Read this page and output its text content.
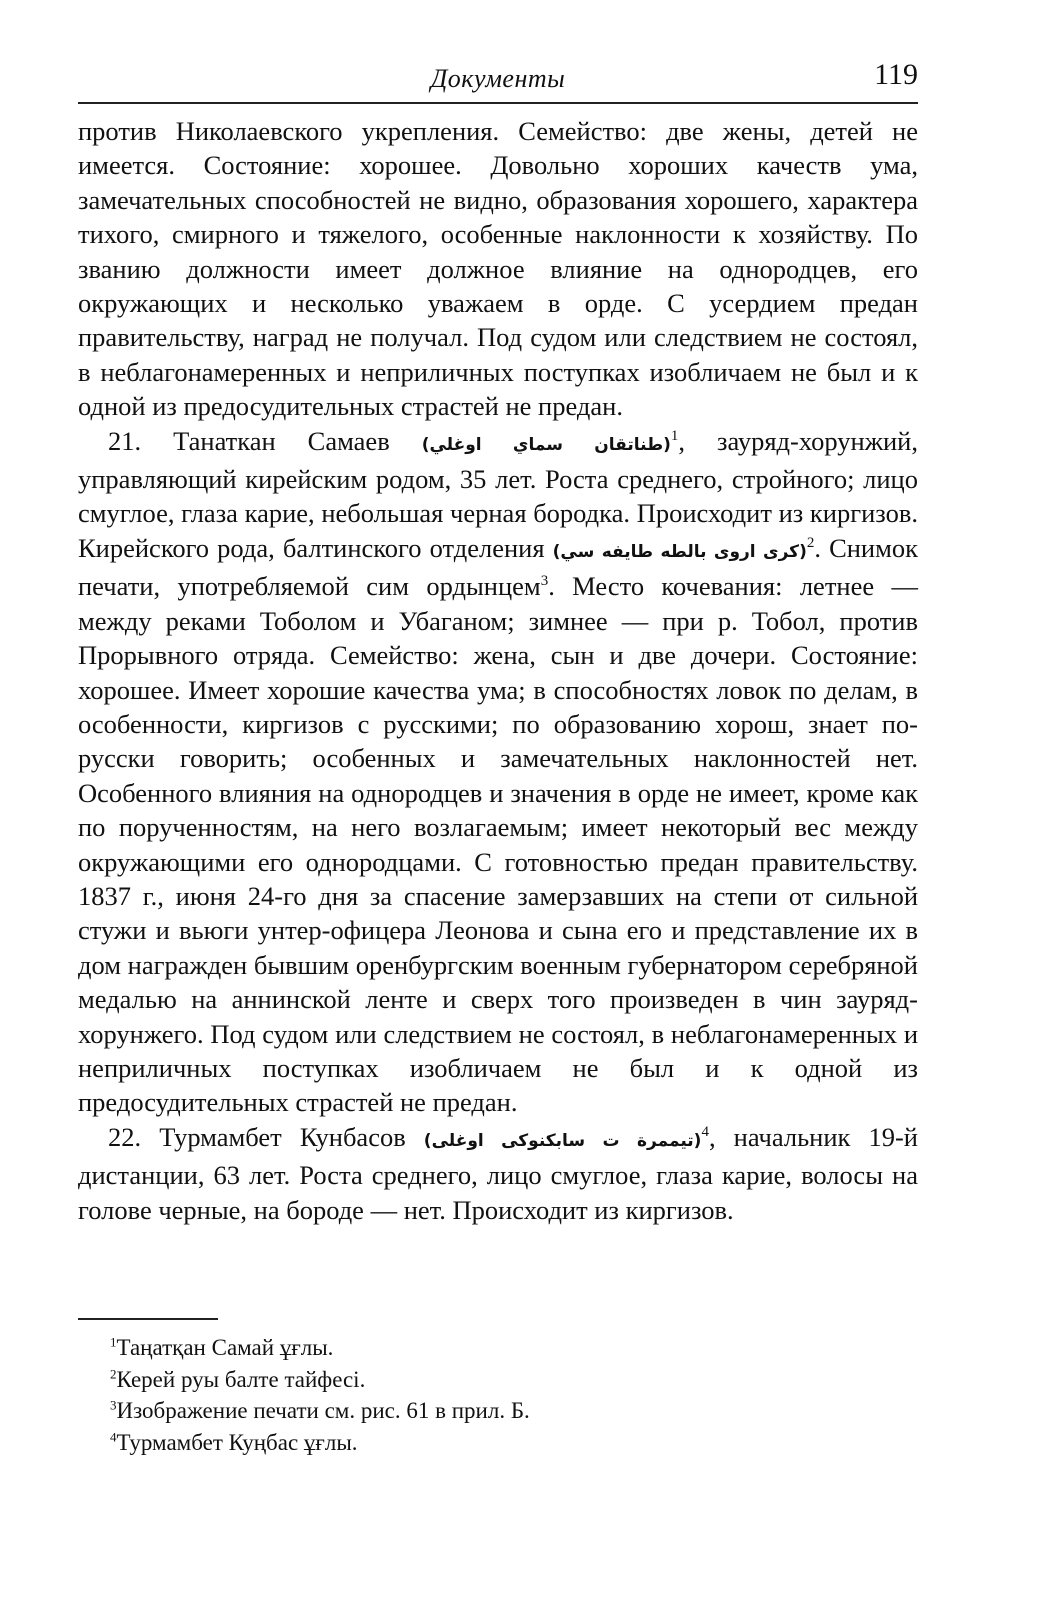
Документы	119

против Николаевского укрепления. Семейство: две жены, детей не имеется. Состояние: хорошее. Довольно хороших качеств ума, замечательных способностей не видно, образования хорошего, характера тихого, смирного и тяжелого, особенные наклонности к хозяйству. По званию должности имеет должное влияние на однородцев, его окружающих и несколько уважаем в орде. С усердием предан правительству, наград не получал. Под судом или следствием не состоял, в неблагонамеренных и неприличных поступках изобличаем не был и к одной из предосудительных страстей не предан.

21. Танаткан Самаев (طناتقان سماي اوغلي)$^1$, зауряд-хорунжий, управляющий кирейским родом, 35 лет. Роста среднего, стройного; лицо смуглое, глаза карие, небольшая черная бородка. Происходит из киргизов. Кирейского рода, балтинского отделения (كرى اروى بالطه طايفه سي)$^2$. Снимок печати, употребляемой сим ордынцем$^3$. Место кочевания: летнее — между реками Тоболом и Убаганом; зимнее — при р. Тобол, против Прорывного отряда. Семейство: жена, сын и две дочери. Состояние: хорошее. Имеет хорошие качества ума; в способностях ловок по делам, в особенности, киргизов с русскими; по образованию хорош, знает по-русски говорить; особенных и замечательных наклонностей нет. Особенного влияния на однородцев и значения в орде не имеет, кроме как по порученностям, на него возлагаемым; имеет некоторый вес между окружающими его однородцами. С готовностью предан правительству. 1837 г., июня 24-го дня за спасение замерзавших на степи от сильной стужи и вьюги унтер-офицера Леонова и сына его и представление их в дом награжден бывшим оренбургским военным губернатором серебряной медалью на аннинской ленте и сверх того произведен в чин зауряд-хорунжего. Под судом или следствием не состоял, в неблагонамеренных и неприличных поступках изобличаем не был и к одной из предосудительных страстей не предан.

22. Турмамбет Кунбасов (تيممرة ت سابكنوكى اوغلى)$^4$, начальник 19-й дистанции, 63 лет. Роста среднего, лицо смуглое, глаза карие, волосы на голове черные, на бороде — нет. Происходит из киргизов.

$^1$Таңатқан Самай ұғлы.
$^2$Керей руы балте тайфесі.
$^3$Изображение печати см. рис. 61 в прил. Б.
$^4$Турмамбет Куңбас ұғлы.
